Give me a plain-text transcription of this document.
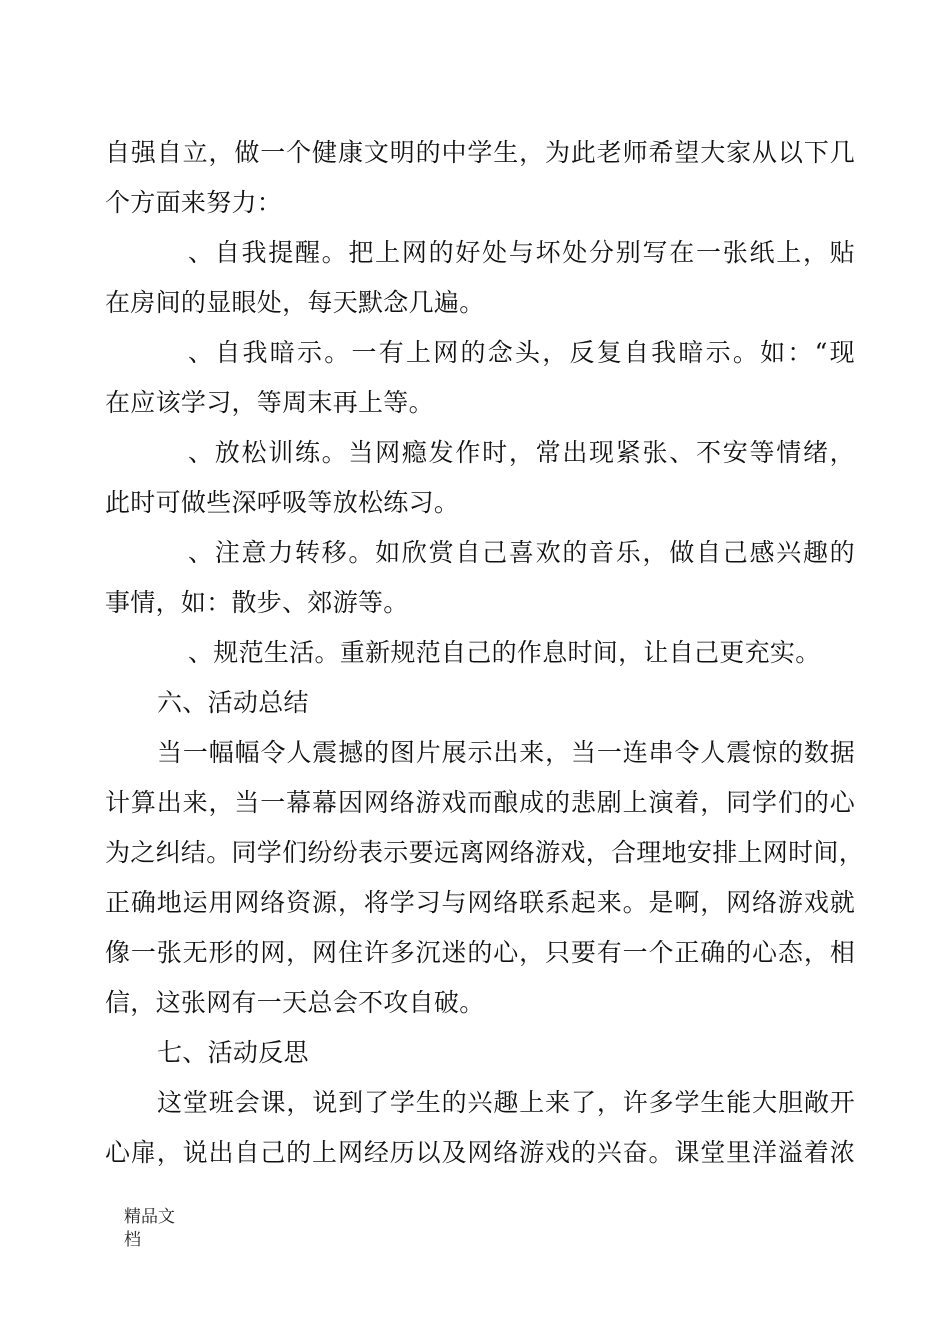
自强自立，做一个健康文明的中学生，为此老师希望大家从以下几
个方面来努力：
、自我提醒。把上网的好处与坏处分别写在一张纸上，贴
在房间的显眼处，每天默念几遍。
、自我暗示。一有上网的念头，反复自我暗示。如：“现
在应该学习，等周末再上等。
、放松训练。当网瘾发作时，常出现紧张、不安等情绪，
此时可做些深呼吸等放松练习。
、注意力转移。如欣赏自己喜欢的音乐，做自己感兴趣的
事情，如：散步、郊游等。
、规范生活。重新规范自己的作息时间，让自己更充实。
六、活动总结
当一幅幅令人震撼的图片展示出来，当一连串令人震惊的数据
计算出来，当一幕幕因网络游戏而酿成的悲剧上演着，同学们的心
为之纠结。同学们纷纷表示要远离网络游戏，合理地安排上网时间，
正确地运用网络资源，将学习与网络联系起来。是啊，网络游戏就
像一张无形的网，网住许多沉迷的心，只要有一个正确的心态，相
信，这张网有一天总会不攻自破。
七、活动反思
这堂班会课，说到了学生的兴趣上来了，许多学生能大胆敞开
心扉，说出自己的上网经历以及网络游戏的兴奋。课堂里洋溢着浓
精品文
档
